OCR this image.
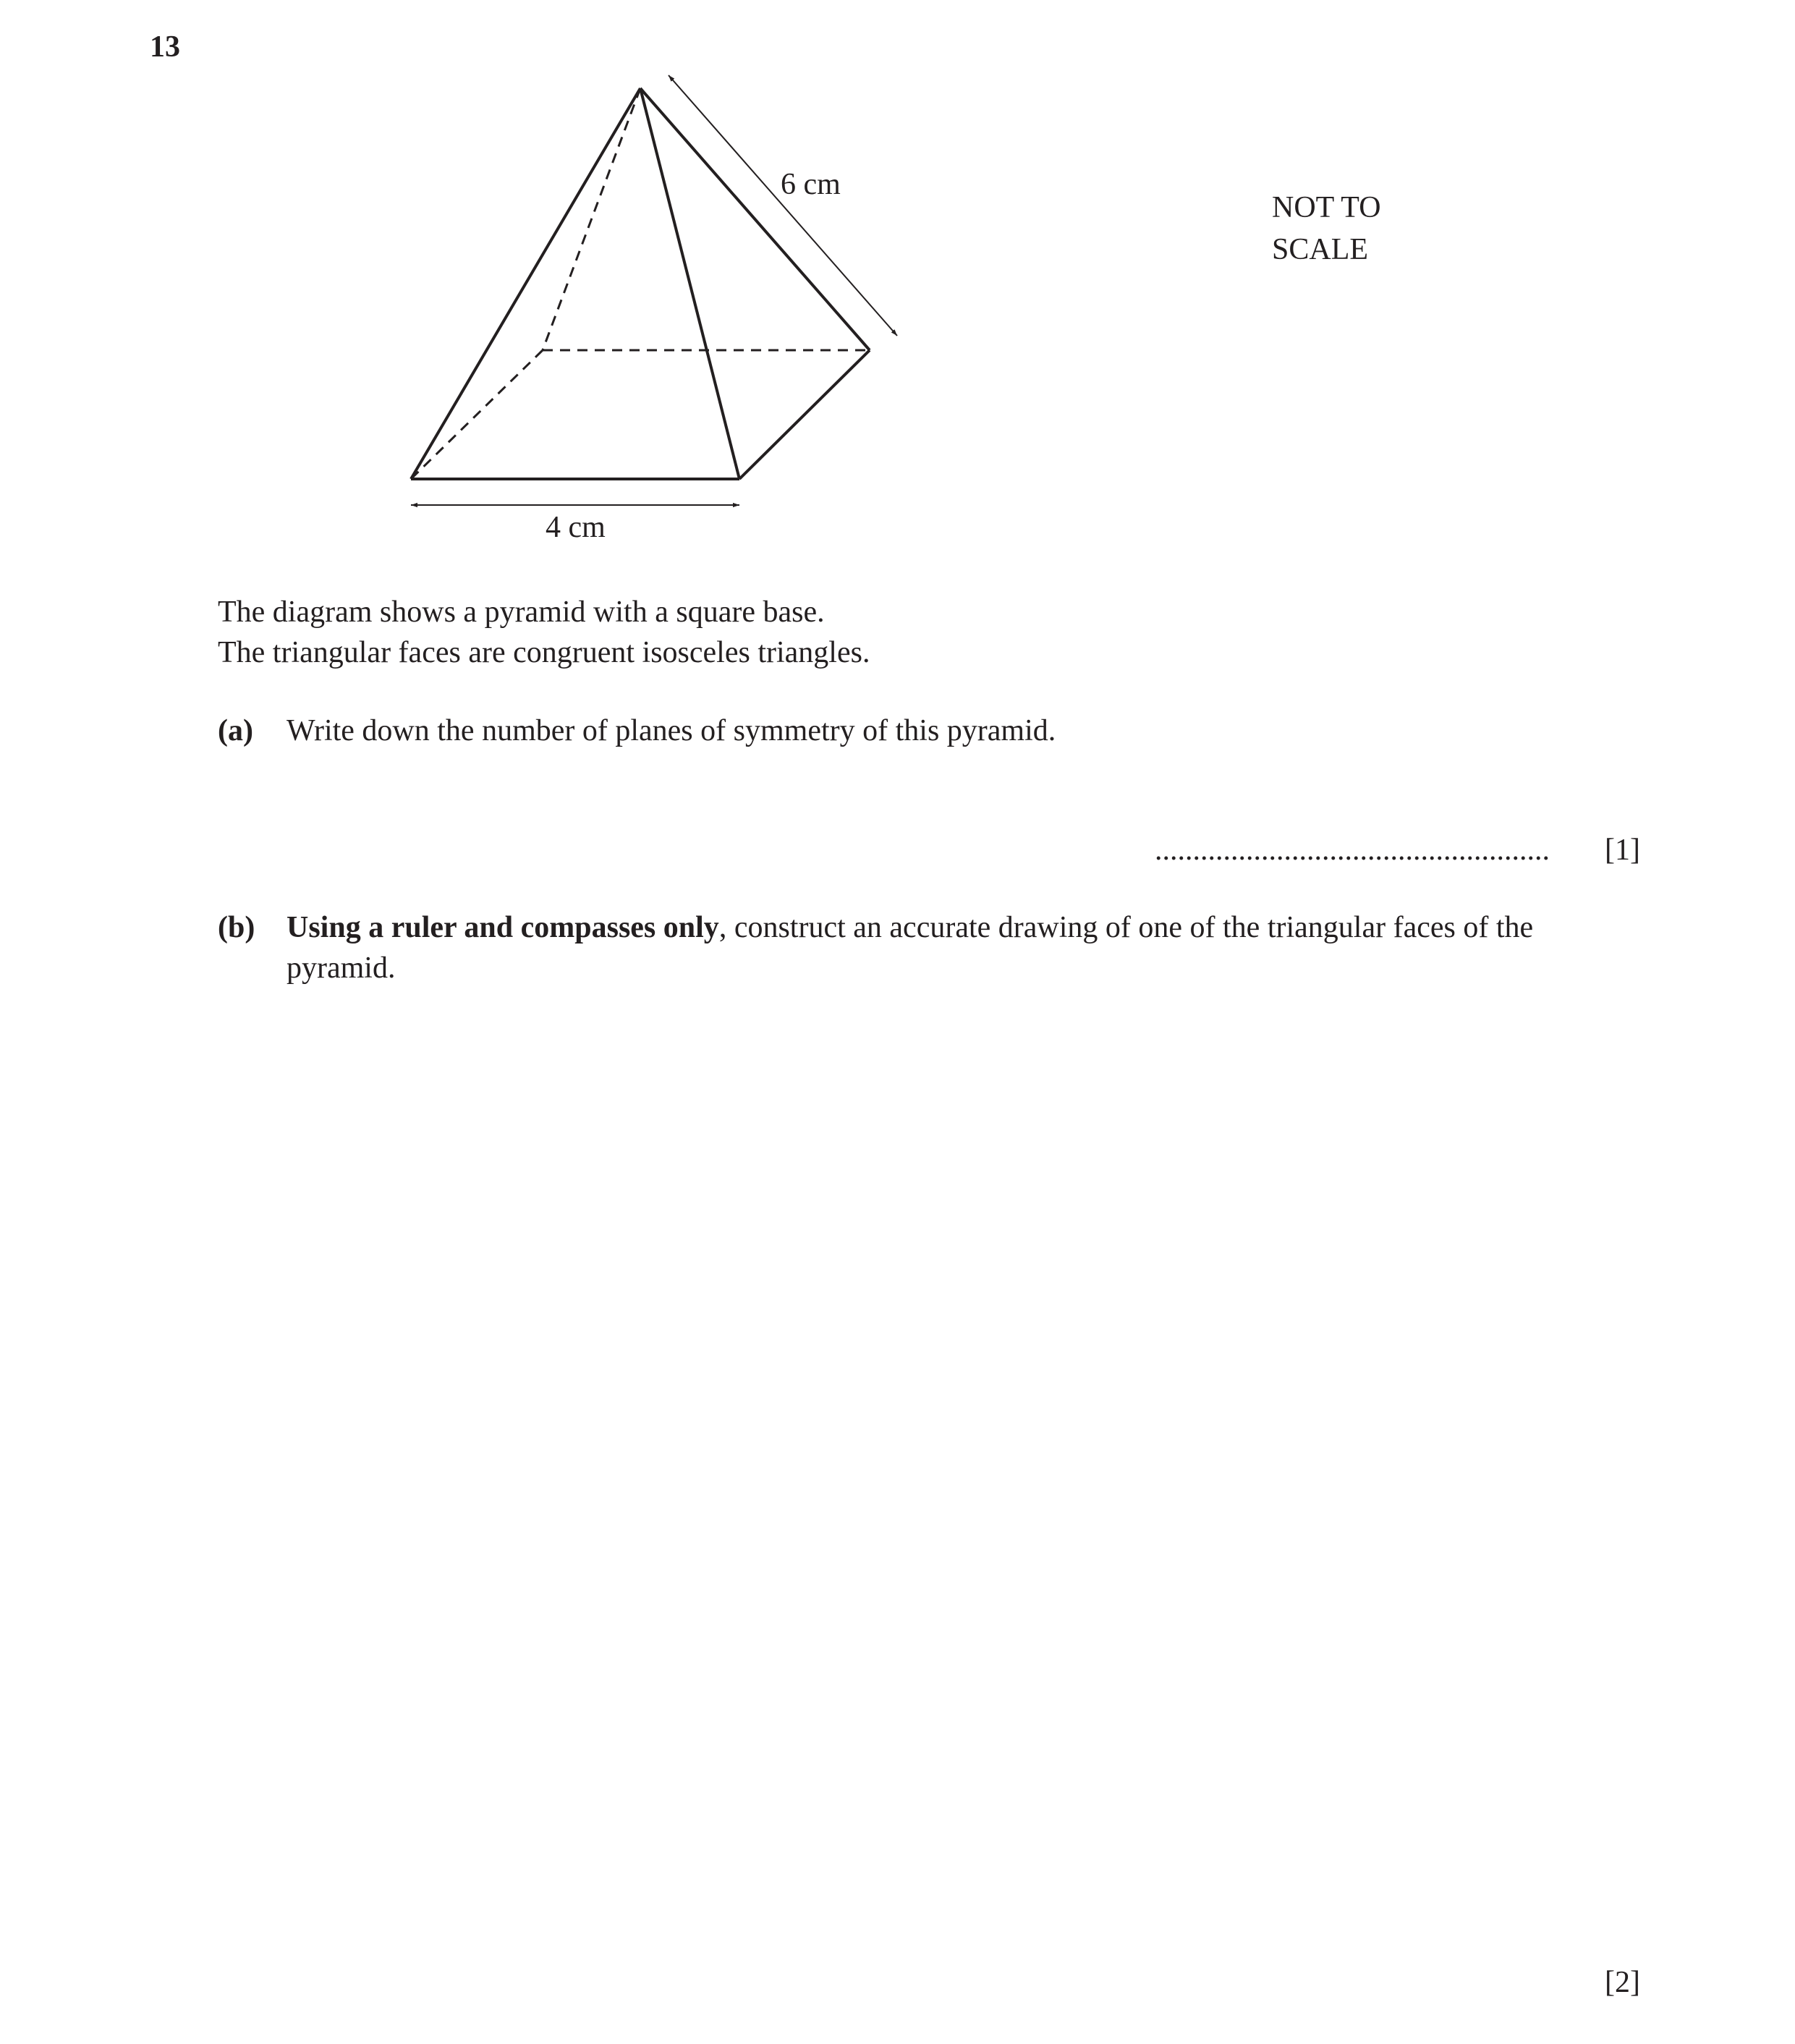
13
6 cm
4 cm
NOT TO
SCALE
The diagram shows a pyramid with a square base.
The triangular faces are congruent isosceles triangles.
(a) Write down the number of planes of symmetry of this pyramid.
.................................................... [1]
(b) Using a ruler and compasses only, construct an accurate drawing of one of the triangular faces of the
pyramid.
[2]
